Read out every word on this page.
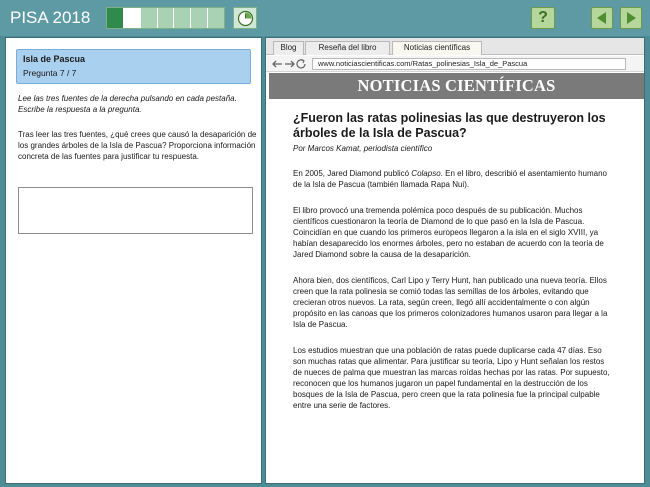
PISA 2018	?
Isla de Pascua
Pregunta 7 / 7
Lee las tres fuentes de la derecha pulsando en cada pestaña. Escribe la respuesta a la pregunta.
Tras leer las tres fuentes, ¿qué crees que causó la desaparición de los grandes árboles de la Isla de Pascua? Proporciona información concreta de las fuentes para justificar tu respuesta.
Blog	Reseña del libro	Noticias científicas
www.noticiascientificas.com/Ratas_polinesias_Isla_de_Pascua
NOTICIAS CIENTÍFICAS
¿Fueron las ratas polinesias las que destruyeron los árboles de la Isla de Pascua?
Por Marcos Kamat, periodista científico

En 2005, Jared Diamond publicó Colapso. En el libro, describió el asentamiento humano de la Isla de Pascua (también llamada Rapa Nui).

El libro provocó una tremenda polémica poco después de su publicación. Muchos científicos cuestionaron la teoría de Diamond de lo que pasó en la Isla de Pascua. Coincidían en que cuando los primeros europeos llegaron a la isla en el siglo XVIII, ya habían desaparecido los enormes árboles, pero no estaban de acuerdo con la teoría de Jared Diamond sobre la causa de la desaparición.

Ahora bien, dos científicos, Carl Lipo y Terry Hunt, han publicado una nueva teoría. Ellos creen que la rata polinesia se comió todas las semillas de los árboles, evitando que crecieran otros nuevos. La rata, según creen, llegó allí accidentalmente o con algún propósito en las canoas que los primeros colonizadores humanos usaron para llegar a la Isla de Pascua.

Los estudios muestran que una población de ratas puede duplicarse cada 47 días. Eso son muchas ratas que alimentar. Para justificar su teoría, Lipo y Hunt señalan los restos de nueces de palma que muestran las marcas roídas hechas por las ratas. Por supuesto, reconocen que los humanos jugaron un papel fundamental en la destrucción de los bosques de la Isla de Pascua, pero creen que la rata polinesia fue la principal culpable entre una serie de factores.
